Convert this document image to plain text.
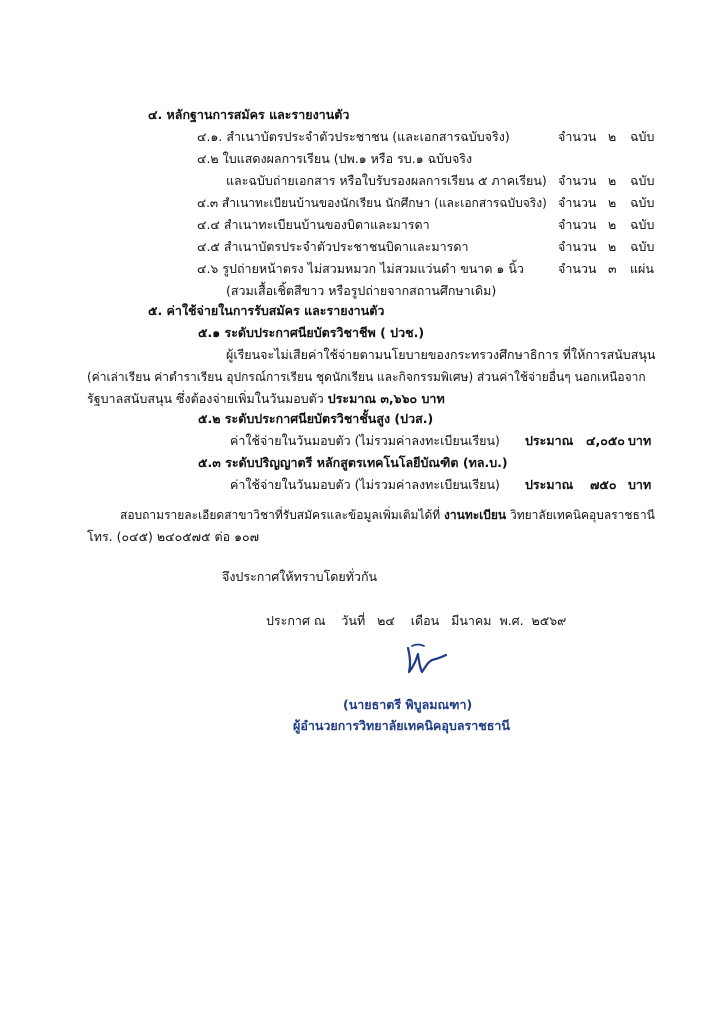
๔. หลักฐานการสมัคร และรายงานตัว
๔.๑. สำเนาบัตรประจำตัวประชาชน (และเอกสารฉบับจริง)	จำนวน ๒ ฉบับ
๔.๒ ใบแสดงผลการเรียน (ปพ.๑ หรือ รบ.๑ ฉบับจริง
และฉบับถ่ายเอกสาร หรือใบรับรองผลการเรียน ๕ ภาคเรียน) จำนวน ๒ ฉบับ
๔.๓ สำเนาทะเบียนบ้านของนักเรียน นักศึกษา (และเอกสารฉบับจริง) จำนวน ๒ ฉบับ
๔.๔ สำเนาทะเบียนบ้านของบิดาและมารดา	จำนวน ๒ ฉบับ
๔.๕ สำเนาบัตรประจำตัวประชาชนบิดาและมารดา	จำนวน ๒ ฉบับ
๔.๖ รูปถ่ายหน้าตรง ไม่สวมหมวก ไม่สวมแว่นดำ ขนาด ๑ นิ้ว	จำนวน ๓ แผ่น
(สวมเสื้อเชิ้ตสีขาว หรือรูปถ่ายจากสถานศึกษาเดิม)
๕. ค่าใช้จ่ายในการรับสมัคร และรายงานตัว
๕.๑ ระดับประกาศนียบัตรวิชาชีพ ( ปวช.)
ผู้เรียนจะไม่เสียค่าใช้จ่ายตามนโยบายของกระทรวงศึกษาธิการ ที่ให้การสนับสนุน
(ค่าเล่าเรียน ค่าตำราเรียน อุปกรณ์การเรียน ชุดนักเรียน และกิจกรรมพิเศษ) ส่วนค่าใช้จ่ายอื่นๆ นอกเหนือจาก
รัฐบาลสนับสนุน ซึ่งต้องจ่ายเพิ่มในวันมอบตัว ประมาณ ๓,๖๖๐ บาท
๕.๒ ระดับประกาศนียบัตรวิชาชั้นสูง (ปวส.)
ค่าใช้จ่ายในวันมอบตัว (ไม่รวมค่าลงทะเบียนเรียน) ประมาณ ๔,๐๕๐ บาท
๕.๓ ระดับปริญญาตรี หลักสูตรเทคโนโลยีบัณฑิต (ทล.บ.)
ค่าใช้จ่ายในวันมอบตัว (ไม่รวมค่าลงทะเบียนเรียน) ประมาณ ๗๕๐ บาท
สอบถามรายละเอียดสาขาวิชาที่รับสมัครและข้อมูลเพิ่มเติมได้ที่ งานทะเบียน วิทยาลัยเทคนิคอุบลราชธานี
โทร. (๐๔๕) ๒๔๐๕๗๕ ต่อ ๑๐๗
จึงประกาศให้ทราบโดยทั่วกัน
ประกาศ ณ วันที่ ๒๔ เดือน มีนาคม พ.ศ. ๒๕๖๙
(นายธาตรี พิบูลมณฑา)
ผู้อำนวยการวิทยาลัยเทคนิคอุบลราชธานี
